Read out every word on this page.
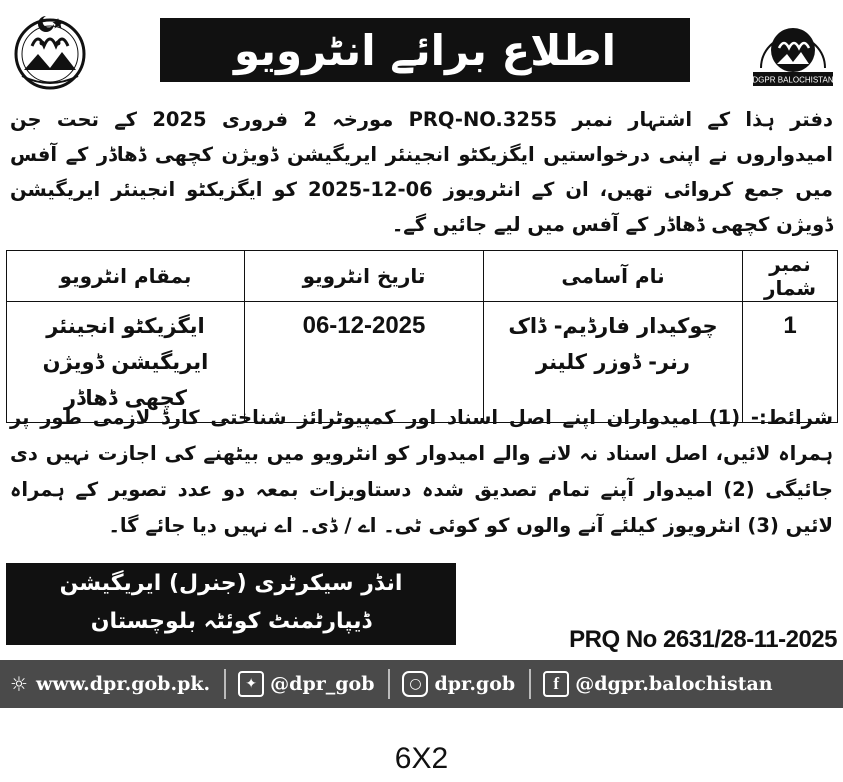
اطلاع برائے انٹرویو
DGPR BALOCHISTAN

دفتر ہذا کے اشتہار نمبر PRQ-NO.3255 مورخہ 2 فروری 2025 کے تحت جن امیدواروں نے اپنی درخواستیں ایگزیکٹو انجینئر ایریگیشن ڈویژن کچھی ڈھاڈر کے آفس میں جمع کروائی تھیں، ان کے انٹرویوز 06-12-2025 کو ایگزیکٹو انجینئر ایریگیشن ڈویژن کچھی ڈھاڈر کے آفس میں لیے جائیں گے۔

نمبر شمار	نام آسامی	تاریخ انٹرویو	بمقام انٹرویو
1	چوکیدار فارڈیم- ڈاک رنر- ڈوزر کلینر	06-12-2025	ایگزیکٹو انجینئر ایریگیشن ڈویژن کچھی ڈھاڈر

شرائط:- (1) امیدواران اپنے اصل اسناد اور کمپیوٹرائز شناختی کارڈ لازمی طور پر ہمراہ لائیں، اصل اسناد نہ لانے والے امیدوار کو انٹرویو میں بیٹھنے کی اجازت نہیں دی جائیگی (2) امیدوار آپنے تمام تصدیق شدہ دستاویزات بمعہ دو عدد تصویر کے ہمراہ لائیں (3) انٹرویوز کیلئے آنے والوں کو کوئی ٹی۔ اے / ڈی۔ اے نہیں دیا جائے گا۔

انڈر سیکرٹری (جنرل) ایریگیشن
ڈیپارٹمنٹ کوئٹہ بلوچستان
PRQ No 2631/28-11-2025
☼ www.dpr.gob.pk.	✦ @dpr_gob	○ dpr.gob	f @dgpr.balochistan
6X2
